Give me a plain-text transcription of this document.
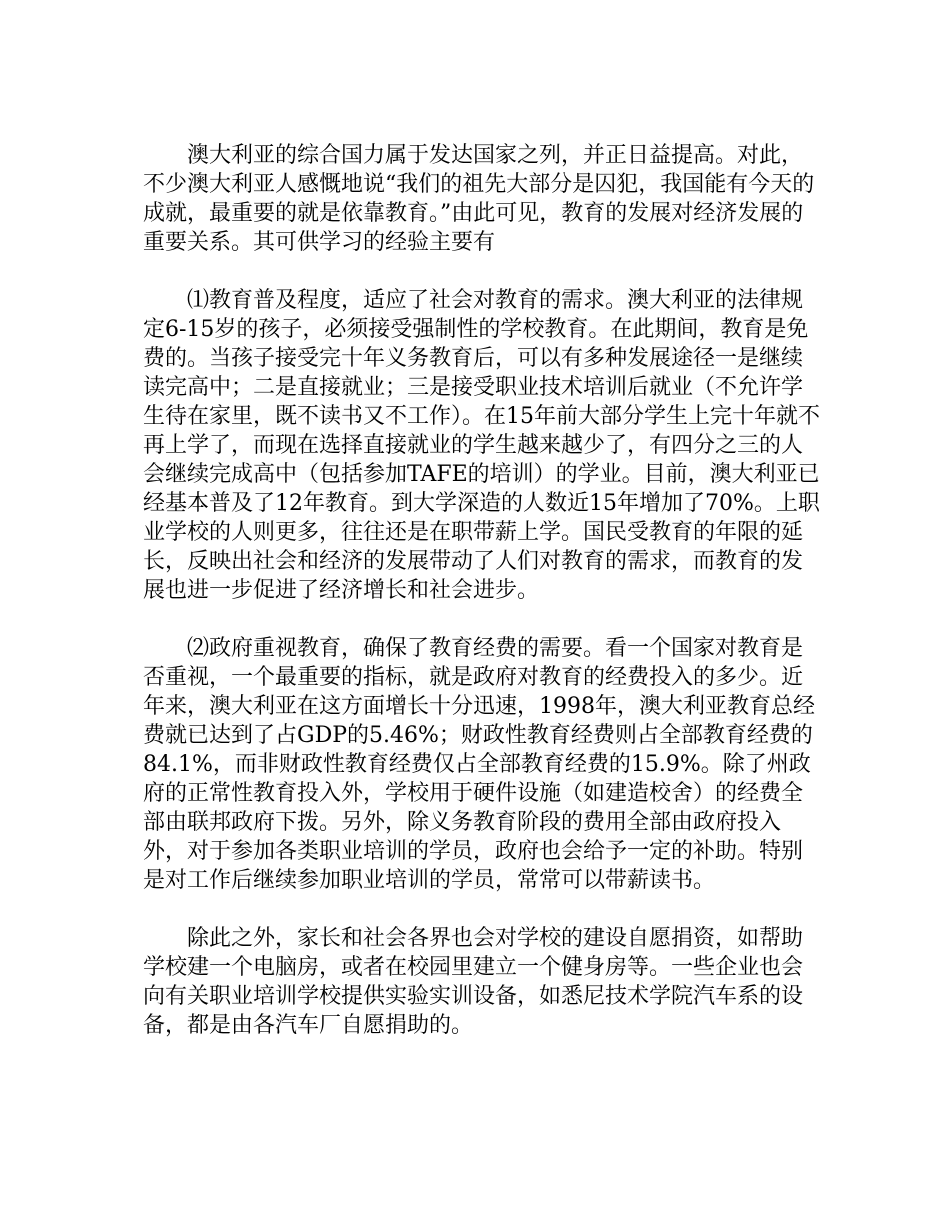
澳大利亚的综合国力属于发达国家之列，并正日益提高。对此，不少澳大利亚人感慨地说“我们的祖先大部分是囚犯，我国能有今天的成就，最重要的就是依靠教育。”由此可见，教育的发展对经济发展的重要关系。其可供学习的经验主要有

⑴教育普及程度，适应了社会对教育的需求。澳大利亚的法律规定6-15岁的孩子，必须接受强制性的学校教育。在此期间，教育是免费的。当孩子接受完十年义务教育后，可以有多种发展途径一是继续读完高中；二是直接就业；三是接受职业技术培训后就业（不允许学生待在家里，既不读书又不工作）。在15年前大部分学生上完十年就不再上学了，而现在选择直接就业的学生越来越少了，有四分之三的人会继续完成高中（包括参加TAFE的培训）的学业。目前，澳大利亚已经基本普及了12年教育。到大学深造的人数近15年增加了70%。上职业学校的人则更多，往往还是在职带薪上学。国民受教育的年限的延长，反映出社会和经济的发展带动了人们对教育的需求，而教育的发展也进一步促进了经济增长和社会进步。

⑵政府重视教育，确保了教育经费的需要。看一个国家对教育是否重视，一个最重要的指标，就是政府对教育的经费投入的多少。近年来，澳大利亚在这方面增长十分迅速，1998年，澳大利亚教育总经费就已达到了占GDP的5.46%；财政性教育经费则占全部教育经费的84.1%，而非财政性教育经费仅占全部教育经费的15.9%。除了州政府的正常性教育投入外，学校用于硬件设施（如建造校舍）的经费全部由联邦政府下拨。另外，除义务教育阶段的费用全部由政府投入外，对于参加各类职业培训的学员，政府也会给予一定的补助。特别是对工作后继续参加职业培训的学员，常常可以带薪读书。

除此之外，家长和社会各界也会对学校的建设自愿捐资，如帮助学校建一个电脑房，或者在校园里建立一个健身房等。一些企业也会向有关职业培训学校提供实验实训设备，如悉尼技术学院汽车系的设备，都是由各汽车厂自愿捐助的。
